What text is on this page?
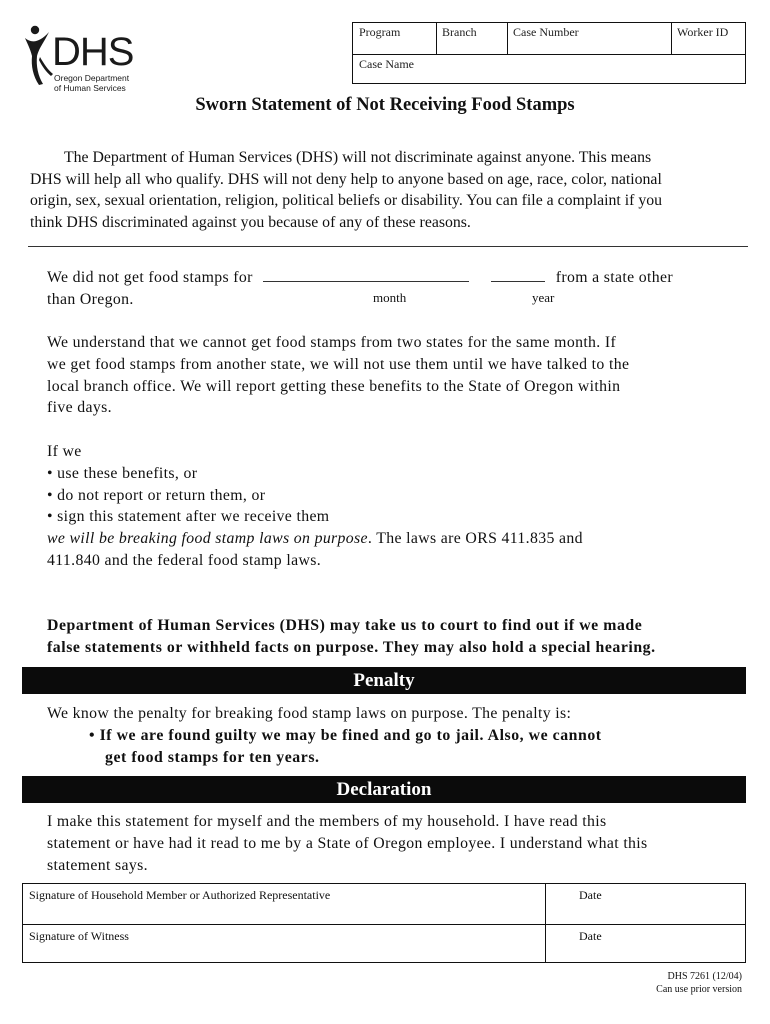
DHS
Oregon Department
of Human Services
Program	Branch	Case Number	Worker ID
Case Name
Sworn Statement of Not Receiving Food Stamps
The Department of Human Services (DHS) will not discriminate against anyone. This means
DHS will help all who qualify. DHS will not deny help to anyone based on age, race, color, national
origin, sex, sexual orientation, religion, political beliefs or disability. You can file a complaint if you
think DHS discriminated against you because of any of these reasons.
We did not get food stamps for	from a state other
than Oregon.	month	year
We understand that we cannot get food stamps from two states for the same month. If
we get food stamps from another state, we will not use them until we have talked to the
local branch office. We will report getting these benefits to the State of Oregon within
five days.
If we
• use these benefits, or
• do not report or return them, or
• sign this statement after we receive them
we will be breaking food stamp laws on purpose. The laws are ORS 411.835 and
411.840 and the federal food stamp laws.
Department of Human Services (DHS) may take us to court to find out if we made
false statements or withheld facts on purpose. They may also hold a special hearing.
Penalty
We know the penalty for breaking food stamp laws on purpose. The penalty is:
• If we are found guilty we may be fined and go to jail. Also, we cannot
get food stamps for ten years.
Declaration
I make this statement for myself and the members of my household. I have read this
statement or have had it read to me by a State of Oregon employee. I understand what this
statement says.
Signature of Household Member or Authorized Representative	Date
Signature of Witness	Date
DHS 7261 (12/04)
Can use prior version
